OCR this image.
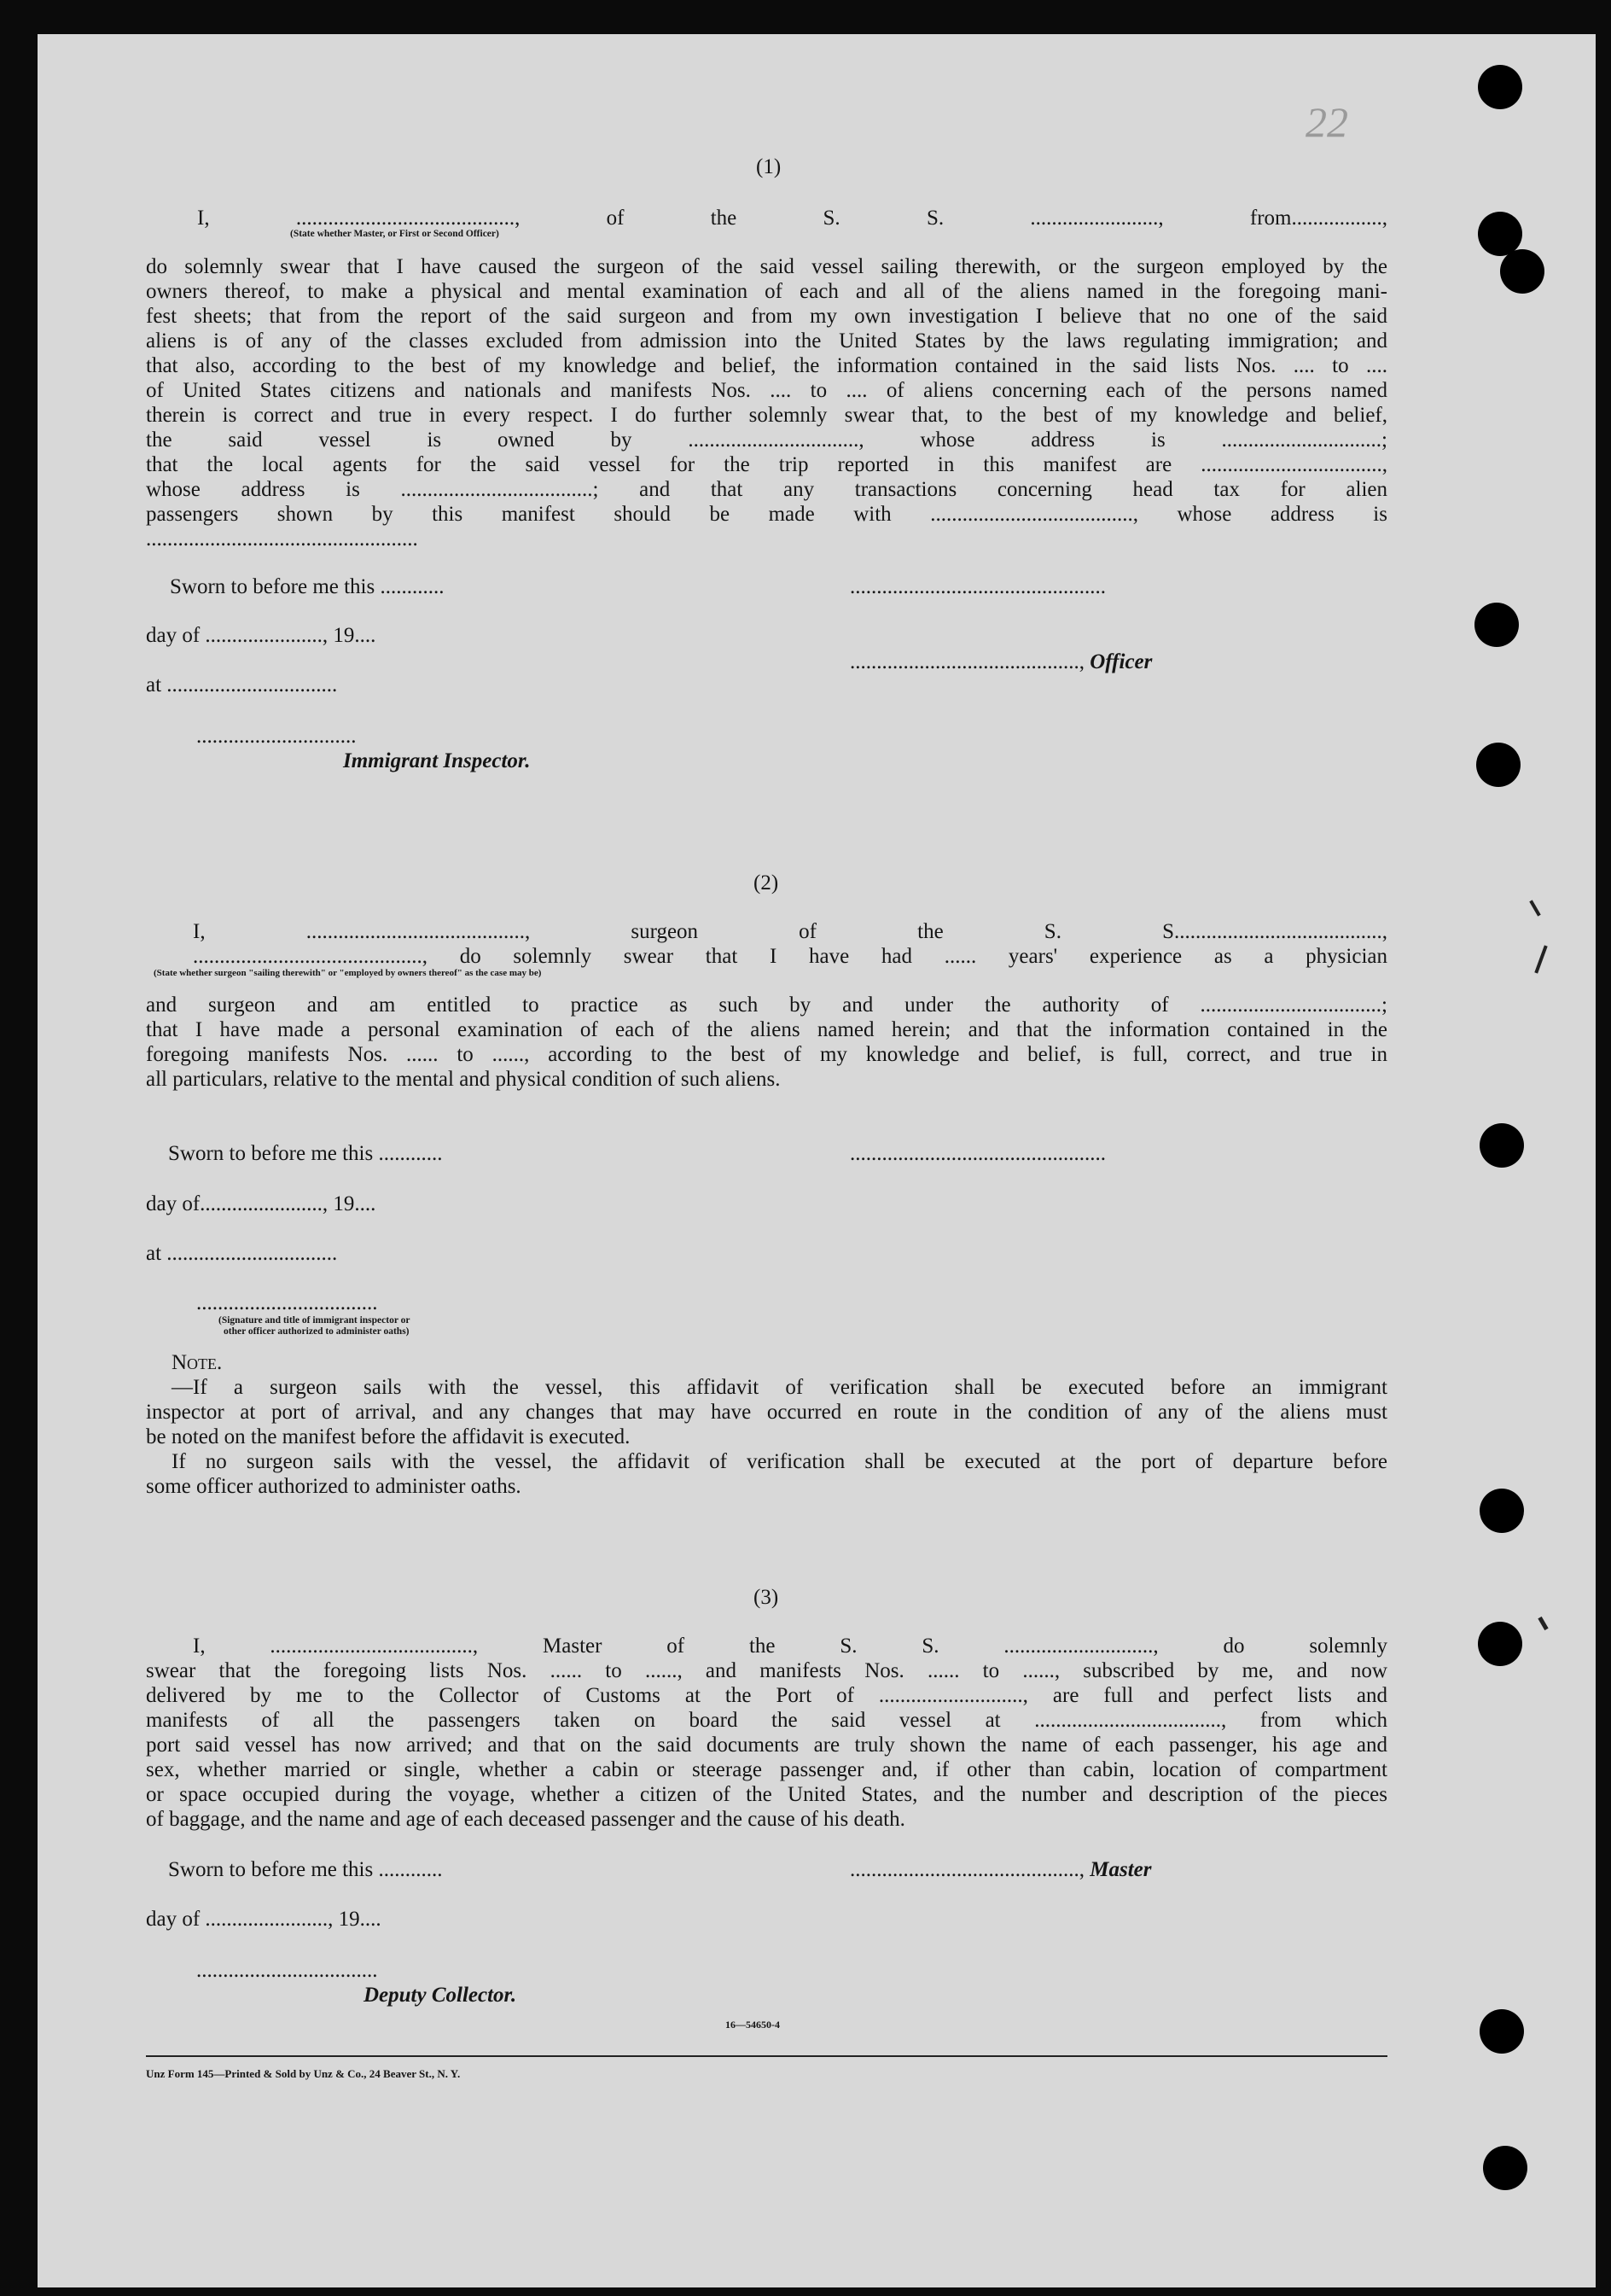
22
(1)
I, ........................................., of the S. S. ........................, from.................,
(State whether Master, or First or Second Officer)
do solemnly swear that I have caused the surgeon of the said vessel sailing therewith, or the surgeon employed by the
owners thereof, to make a physical and mental examination of each and all of the aliens named in the foregoing mani-
fest sheets; that from the report of the said surgeon and from my own investigation I believe that no one of the said
aliens is of any of the classes excluded from admission into the United States by the laws regulating immigration; and
that also, according to the best of my knowledge and belief, the information contained in the said lists Nos. .... to ....
of United States citizens and nationals and manifests Nos. .... to .... of aliens concerning each of the persons named
therein is correct and true in every respect. I do further solemnly swear that, to the best of my knowledge and belief,
the said vessel is owned by ................................, whose address is ..............................;
that the local agents for the said vessel for the trip reported in this manifest are ..................................,
whose address is ....................................; and that any transactions concerning head tax for alien
passengers shown by this manifest should be made with ......................................, whose address is
...................................................
Sworn to before me this ............
day of ......................, 19....
at ................................
..............................
Immigrant Inspector.
................................................
..........................................., Officer
(2)
I, ........................................., surgeon of the S. S.......................................,
..........................................., do solemnly swear that I have had ...... years' experience as a physician
(State whether surgeon "sailing therewith" or "employed by owners thereof" as the case may be)
and surgeon and am entitled to practice as such by and under the authority of ..................................;
that I have made a personal examination of each of the aliens named herein; and that the information contained in the
foregoing manifests Nos. ...... to ......, according to the best of my knowledge and belief, is full, correct, and true in
all particulars, relative to the mental and physical condition of such aliens.
Sworn to before me this ............
day of......................., 19....
at ................................
..................................
(Signature and title of immigrant inspector or
other officer authorized to administer oaths)
................................................
Note.
—If a surgeon sails with the vessel, this affidavit of verification shall be executed before an immigrant
inspector at port of arrival, and any changes that may have occurred en route in the condition of any of the aliens must
be noted on the manifest before the affidavit is executed.
If no surgeon sails with the vessel, the affidavit of verification shall be executed at the port of departure before
some officer authorized to administer oaths.
(3)
I, ......................................, Master of the S. S. ............................, do solemnly
swear that the foregoing lists Nos. ...... to ......, and manifests Nos. ...... to ......, subscribed by me, and now
delivered by me to the Collector of Customs at the Port of ..........................., are full and perfect lists and
manifests of all the passengers taken on board the said vessel at ..................................., from which
port said vessel has now arrived; and that on the said documents are truly shown the name of each passenger, his age and
sex, whether married or single, whether a cabin or steerage passenger and, if other than cabin, location of compartment
or space occupied during the voyage, whether a citizen of the United States, and the number and description of the pieces
of baggage, and the name and age of each deceased passenger and the cause of his death.
Sworn to before me this ............
day of ......................., 19....
..................................
Deputy Collector.
..........................................., Master
16—54650-4
Unz Form 145—Printed & Sold by Unz & Co., 24 Beaver St., N. Y.
